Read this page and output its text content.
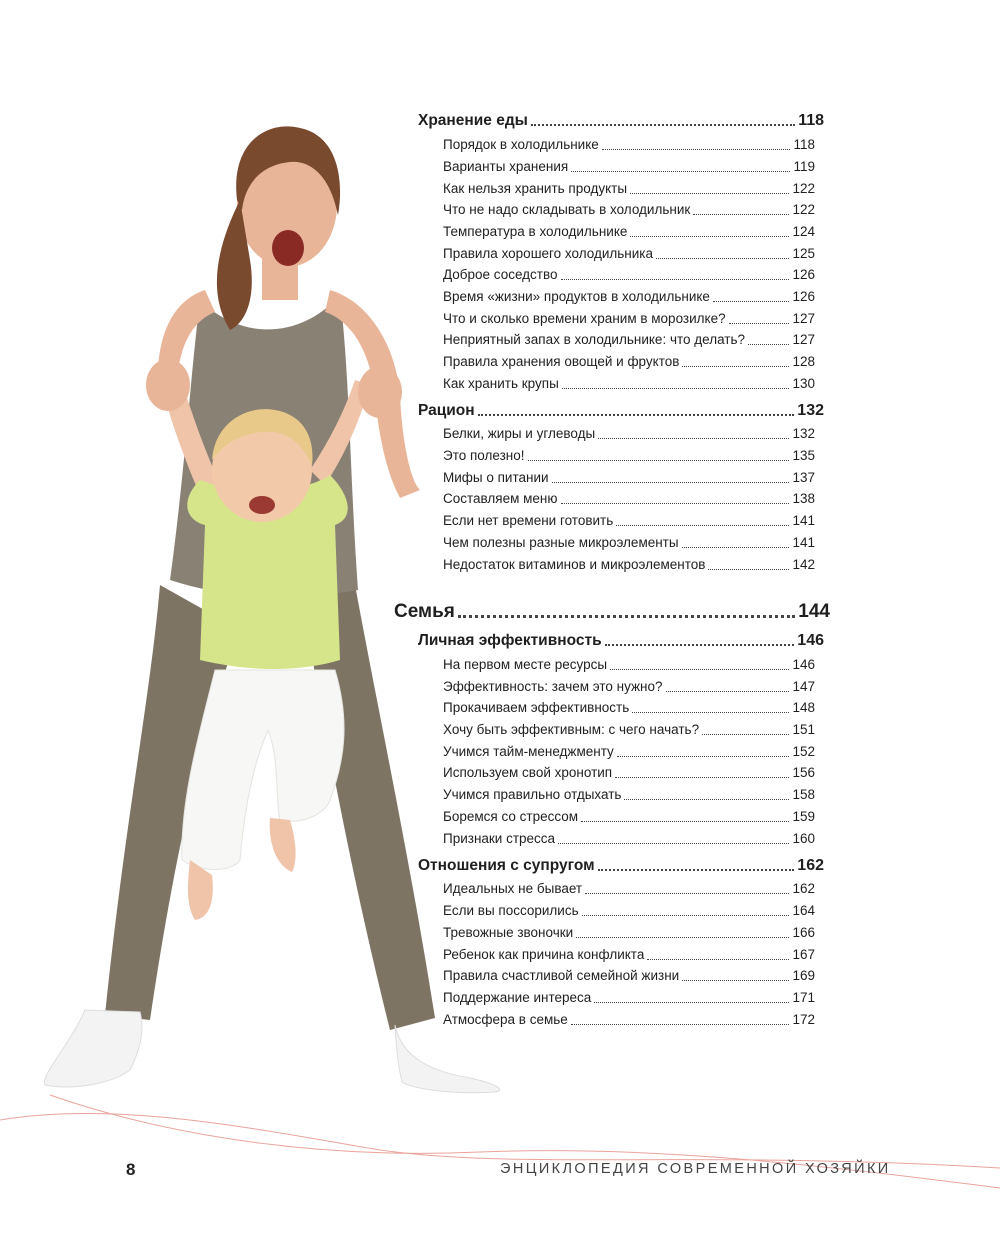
Хранение еды	118
Порядок в холодильнике	118
Варианты хранения	119
Как нельзя хранить продукты	122
Что не надо складывать в холодильник	122
Температура в холодильнике	124
Правила хорошего холодильника	125
Доброе соседство	126
Время «жизни» продуктов в холодильнике	126
Что и сколько времени храним в морозилке?	127
Неприятный запах в холодильнике: что делать?	127
Правила хранения овощей и фруктов	128
Как хранить крупы	130
Рацион	132
Белки, жиры и углеводы	132
Это полезно!	135
Мифы о питании	137
Составляем меню	138
Если нет времени готовить	141
Чем полезны разные микроэлементы	141
Недостаток витаминов и микроэлементов	142
Семья	144
Личная эффективность	146
На первом месте ресурсы	146
Эффективность: зачем это нужно?	147
Прокачиваем эффективность	148
Хочу быть эффективным: с чего начать?	151
Учимся тайм-менеджменту	152
Используем свой хронотип	156
Учимся правильно отдыхать	158
Боремся со стрессом	159
Признаки стресса	160
Отношения с супругом	162
Идеальных не бывает	162
Если вы поссорились	164
Тревожные звоночки	166
Ребенок как причина конфликта	167
Правила счастливой семейной жизни	169
Поддержание интереса	171
Атмосфера в семье	172
8	ЭНЦИКЛОПЕДИЯ СОВРЕМЕННОЙ ХОЗЯЙКИ
